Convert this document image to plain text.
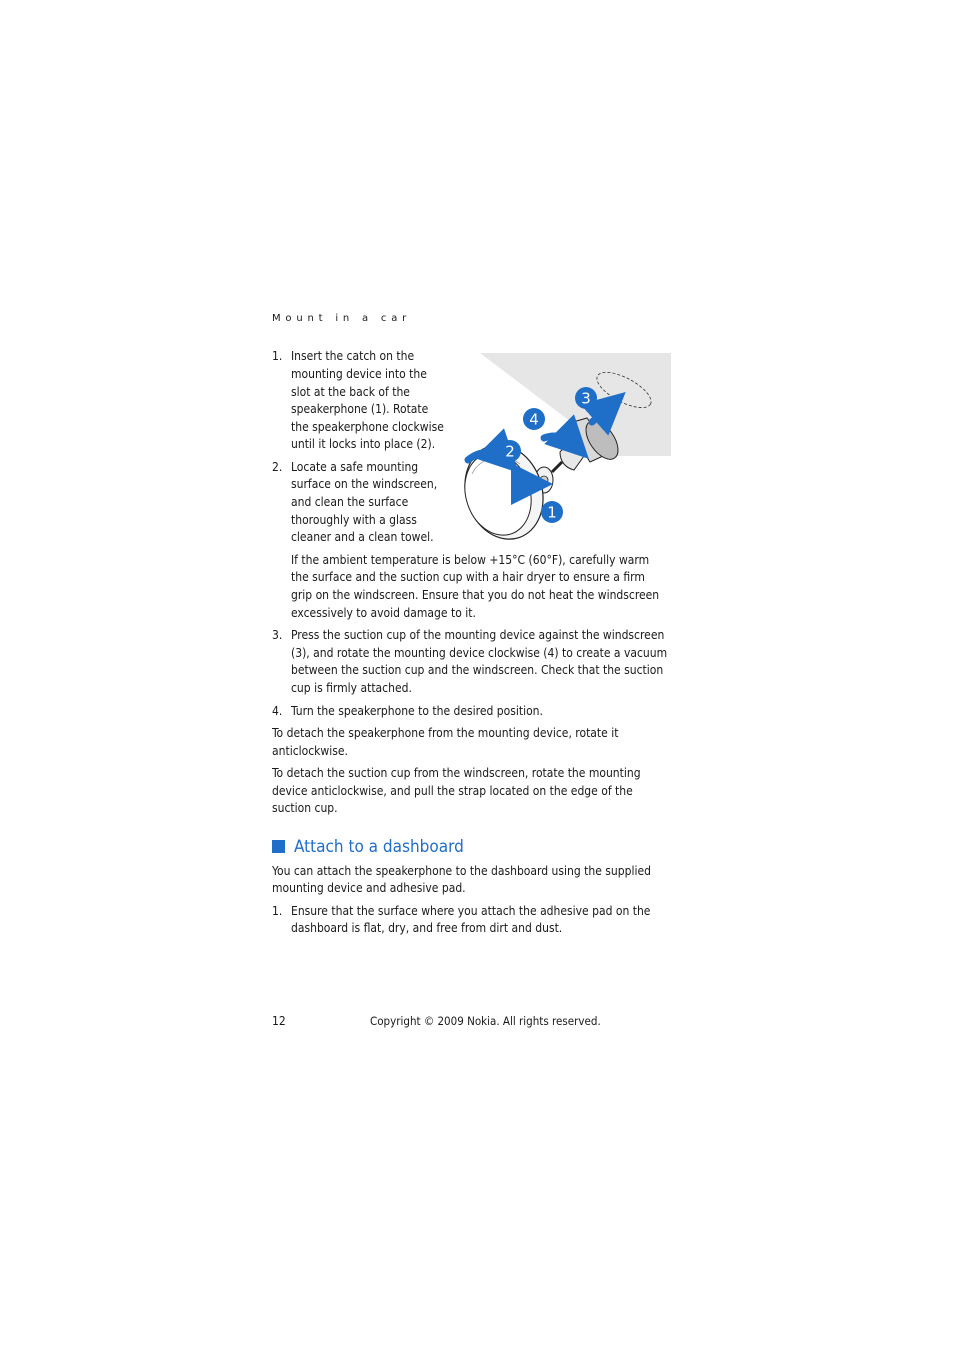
Mount in a car
1. Insert the catch on the
mounting device into the
slot at the back of the
speakerphone (1). Rotate
the speakerphone clockwise
until it locks into place (2).
2. Locate a safe mounting
surface on the windscreen,
and clean the surface
thoroughly with a glass
cleaner and a clean towel.
If the ambient temperature is below +15°C (60°F), carefully warm
the surface and the suction cup with a hair dryer to ensure a firm
grip on the windscreen. Ensure that you do not heat the windscreen
excessively to avoid damage to it.
3. Press the suction cup of the mounting device against the windscreen
(3), and rotate the mounting device clockwise (4) to create a vacuum
between the suction cup and the windscreen. Check that the suction
cup is firmly attached.
4. Turn the speakerphone to the desired position.
To detach the speakerphone from the mounting device, rotate it
anticlockwise.
To detach the suction cup from the windscreen, rotate the mounting
device anticlockwise, and pull the strap located on the edge of the
suction cup.
Attach to a dashboard
You can attach the speakerphone to the dashboard using the supplied
mounting device and adhesive pad.
1. Ensure that the surface where you attach the adhesive pad on the
dashboard is flat, dry, and free from dirt and dust.
12	Copyright © 2009 Nokia. All rights reserved.
1
2
3
4
